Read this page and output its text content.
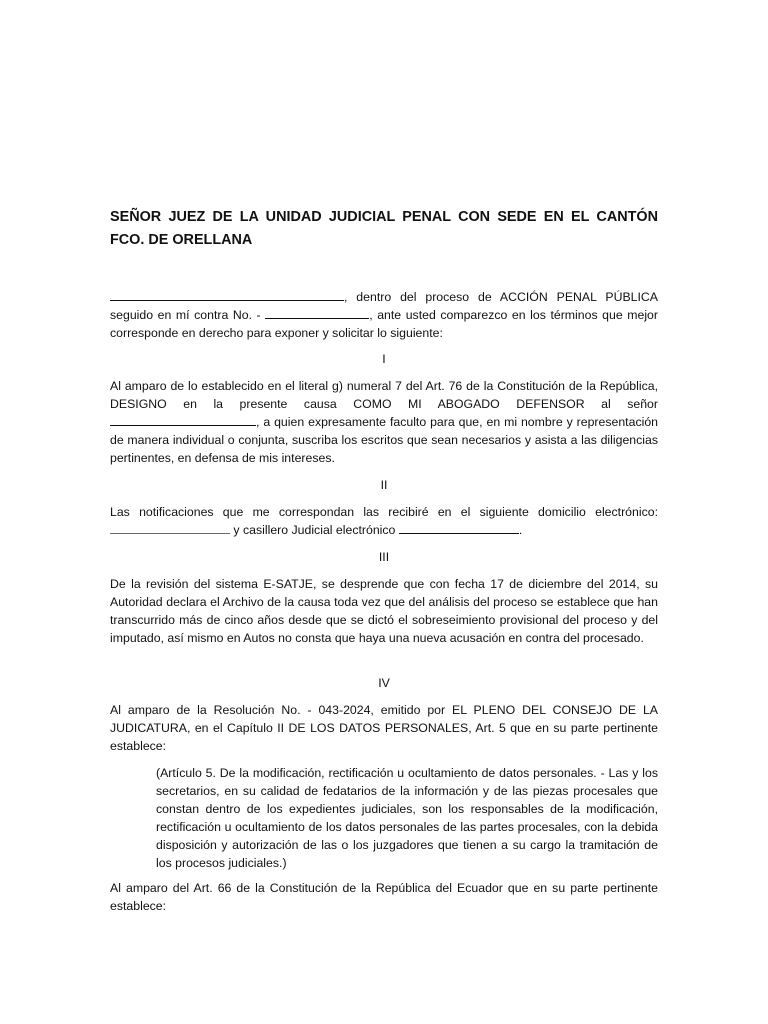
SEÑOR JUEZ DE LA UNIDAD JUDICIAL PENAL CON SEDE EN EL CANTÓN FCO. DE ORELLANA

, dentro del proceso de ACCIÓN PENAL PÚBLICA seguido en mí contra No. -	, ante usted comparezco en los términos que mejor corresponde en derecho para exponer y solicitar lo siguiente:

I

Al amparo de lo establecido en el literal g) numeral 7 del Art. 76 de la Constitución de la República, DESIGNO en la presente causa COMO MI ABOGADO DEFENSOR al señor , a quien expresamente faculto para que, en mi nombre y representación de manera individual o conjunta, suscriba los escritos que sean necesarios y asista a las diligencias pertinentes, en defensa de mis intereses.

II

Las notificaciones que me correspondan las recibiré en el siguiente domicilio electrónico:  y casillero Judicial electrónico	.

III

De la revisión del sistema E-SATJE, se desprende que con fecha 17 de diciembre del 2014, su Autoridad declara el Archivo de la causa toda vez que del análisis del proceso se establece que han transcurrido más de cinco años desde que se dictó el sobreseimiento provisional del proceso y del imputado, así mismo en Autos no consta que haya una nueva acusación en contra del procesado.

IV

Al amparo de la Resolución No. - 043-2024, emitido por EL PLENO DEL CONSEJO DE LA JUDICATURA, en el Capítulo II DE LOS DATOS PERSONALES, Art. 5 que en su parte pertinente establece:

(Artículo 5. De la modificación, rectificación u ocultamiento de datos personales. - Las y los secretarios, en su calidad de fedatarios de la información y de las piezas procesales que constan dentro de los expedientes judiciales, son los responsables de la modificación, rectificación u ocultamiento de los datos personales de las partes procesales, con la debida disposición y autorización de las o los juzgadores que tienen a su cargo la tramitación de los procesos judiciales.)

Al amparo del Art. 66 de la Constitución de la República del Ecuador que en su parte pertinente establece:
